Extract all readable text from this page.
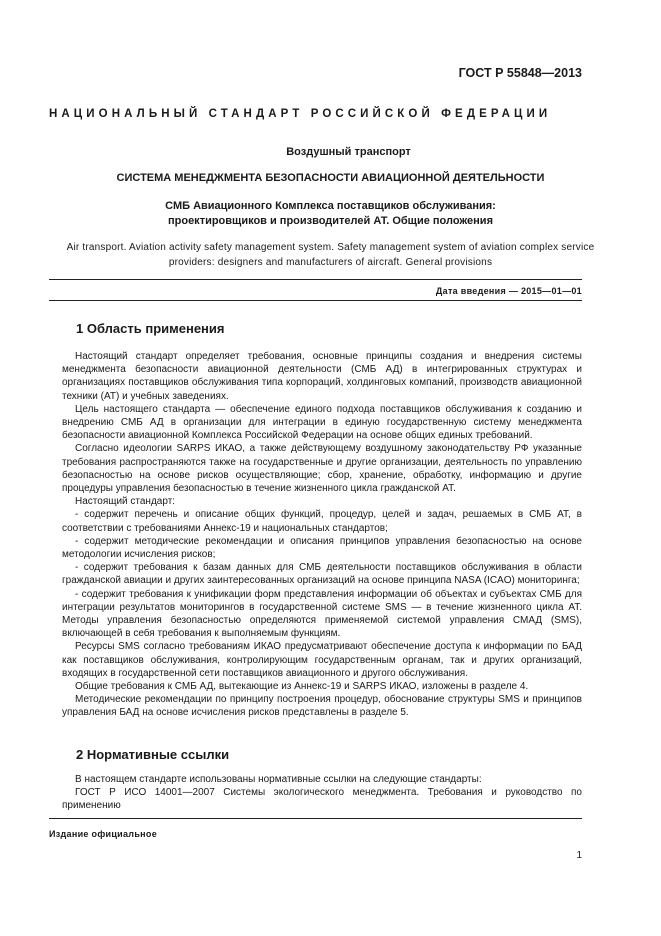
ГОСТ Р 55848—2013
НАЦИОНАЛЬНЫЙ СТАНДАРТ РОССИЙСКОЙ ФЕДЕРАЦИИ
Воздушный транспорт
СИСТЕМА МЕНЕДЖМЕНТА БЕЗОПАСНОСТИ АВИАЦИОННОЙ ДЕЯТЕЛЬНОСТИ
СМБ Авиационного Комплекса поставщиков обслуживания:
проектировщиков и производителей АТ. Общие положения
Air transport. Aviation activity safety management system. Safety management system of aviation complex service providers: designers and manufacturers of aircraft. General provisions
Дата введения — 2015—01—01
1 Область применения

Настоящий стандарт определяет требования, основные принципы создания и внедрения системы менеджмента безопасности авиационной деятельности (СМБ АД) в интегрированных структурах и организациях поставщиков обслуживания типа корпораций, холдинговых компаний, производств авиационной техники (АТ) и учебных заведениях.

Цель настоящего стандарта — обеспечение единого подхода поставщиков обслуживания к созданию и внедрению СМБ АД в организации для интеграции в единую государственную систему менеджмента безопасности авиационной Комплекса Российской Федерации на основе общих единых требований.

Согласно идеологии SARPS ИКАО, а также действующему воздушному законодательству РФ указанные требования распространяются также на государственные и другие организации, деятельность по управлению безопасностью на основе рисков осуществляющие; сбор, хранение, обработку, информацию и другие процедуры управления безопасностью в течение жизненного цикла гражданской АТ.

Настоящий стандарт:

- содержит перечень и описание общих функций, процедур, целей и задач, решаемых в СМБ АТ, в соответствии с требованиями Аннекс-19 и национальных стандартов;

- содержит методические рекомендации и описания принципов управления безопасностью на основе методологии исчисления рисков;

- содержит требования к базам данных для СМБ деятельности поставщиков обслуживания в области гражданской авиации и других заинтересованных организаций на основе принципа NASA (ICAO) мониторинга;

- содержит требования к унификации форм представления информации об объектах и субъектах СМБ для интеграции результатов мониторингов в государственной системе SMS — в течение жизненного цикла АТ. Методы управления безопасностью определяются применяемой системой управления СМАД (SMS), включающей в себя требования к выполняемым функциям.

Ресурсы SMS согласно требованиям ИКАО предусматривают обеспечение доступа к информации по БАД как поставщиков обслуживания, контролирующим государственным органам, так и других организаций, входящих в государственной сети поставщиков авиационного и другого обслуживания.

Общие требования к СМБ АД, вытекающие из Аннекс-19 и SARPS ИКАО, изложены в разделе 4.

Методические рекомендации по принципу построения процедур, обоснование структуры SMS и принципов управления БАД на основе исчисления рисков представлены в разделе 5.

2 Нормативные ссылки

В настоящем стандарте использованы нормативные ссылки на следующие стандарты:

ГОСТ Р ИСО 14001—2007 Системы экологического менеджмента. Требования и руководство по применению

Издание официальное
1
